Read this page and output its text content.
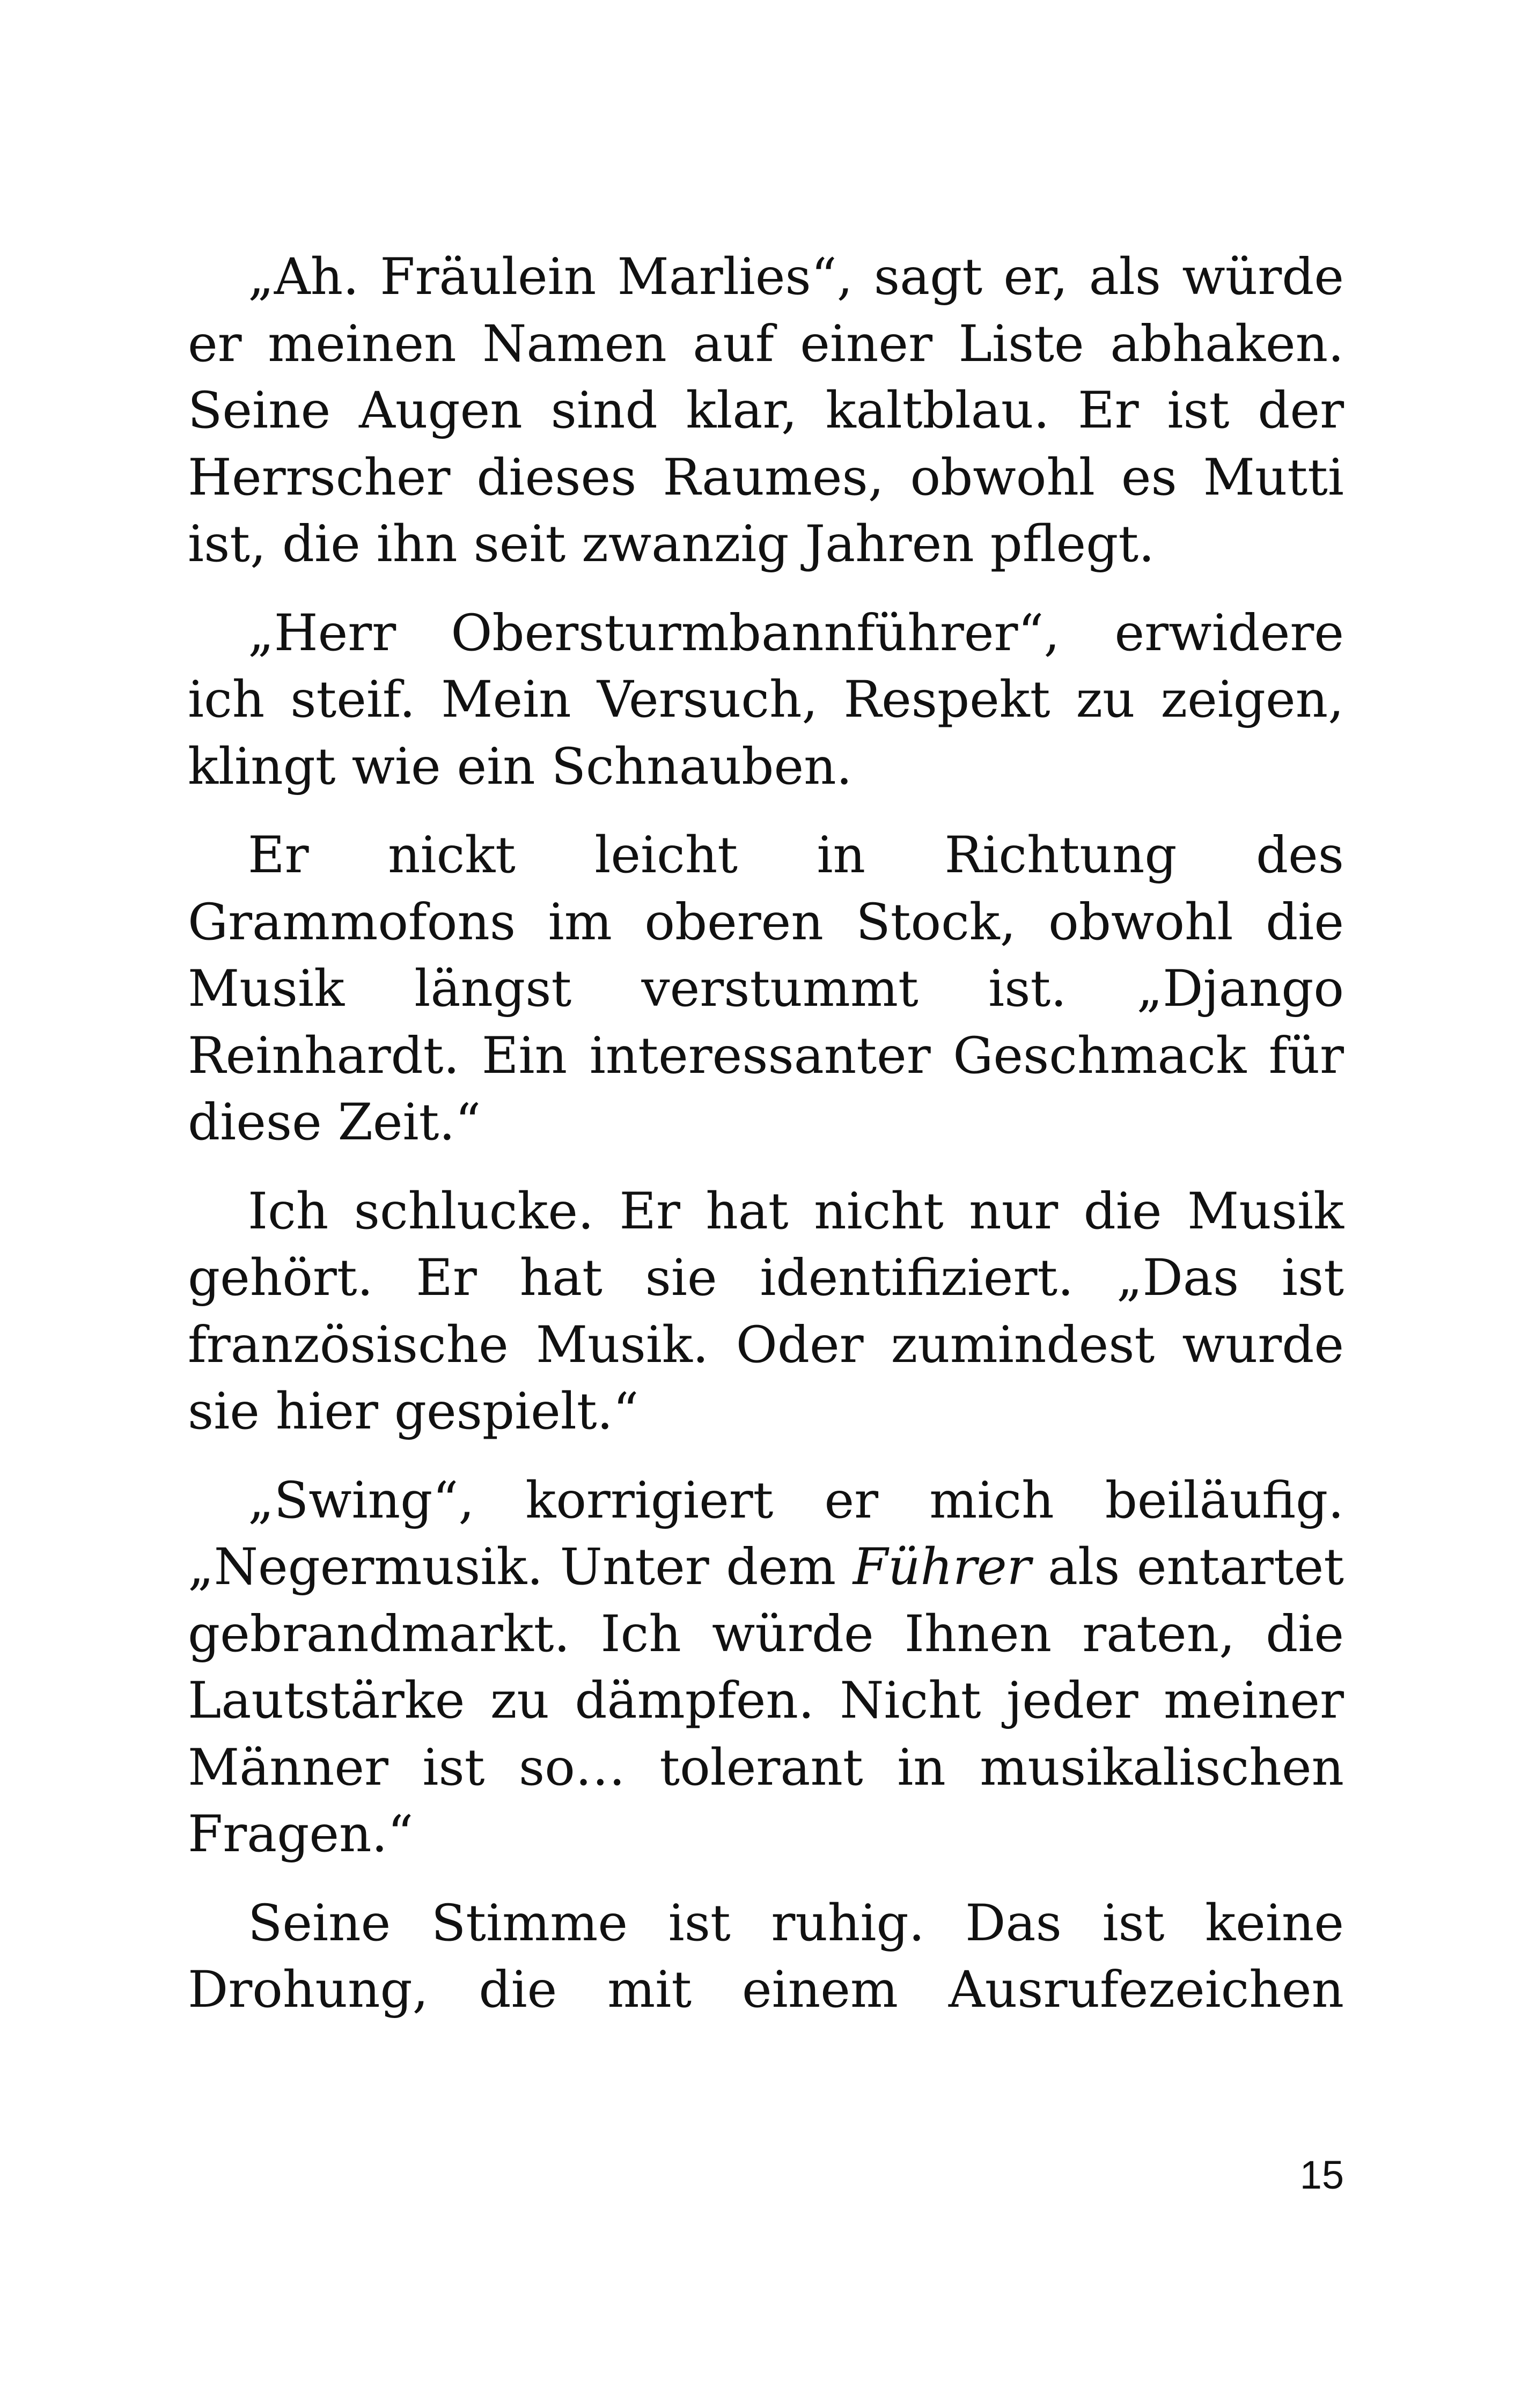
„Ah. Fräulein Marlies“, sagt er, als würde er meinen Namen auf einer Liste abhaken. Seine Augen sind klar, kaltblau. Er ist der Herrscher dieses Raumes, obwohl es Mutti ist, die ihn seit zwanzig Jahren pflegt.

„Herr Obersturmbannführer“, erwidere ich steif. Mein Versuch, Respekt zu zeigen, klingt wie ein Schnauben.

Er nickt leicht in Richtung des Grammofons im oberen Stock, obwohl die Musik längst verstummt ist. „Django Reinhardt. Ein interessanter Geschmack für diese Zeit.“

Ich schlucke. Er hat nicht nur die Musik gehört. Er hat sie identifiziert. „Das ist französische Musik. Oder zumindest wurde sie hier gespielt.“

„Swing“, korrigiert er mich beiläufig. „Negermusik. Unter dem Führer als entartet gebrandmarkt. Ich würde Ihnen raten, die Lautstärke zu dämpfen. Nicht jeder meiner Männer ist so… tolerant in musikalischen Fragen.“

Seine Stimme ist ruhig. Das ist keine Drohung, die mit einem Ausrufezeichen

15
